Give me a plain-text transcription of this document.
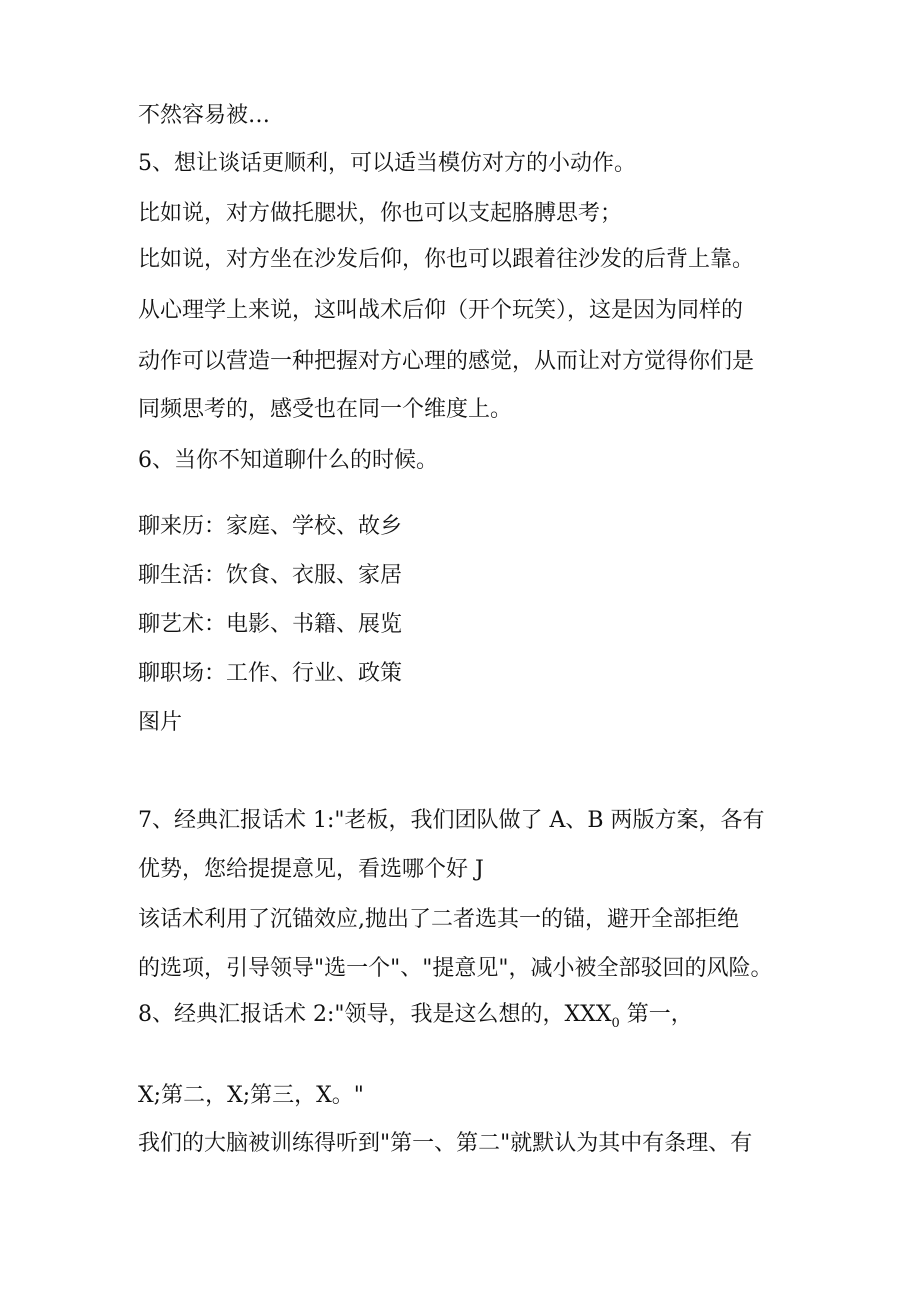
不然容易被…

5、想让谈话更顺利，可以适当模仿对方的小动作。

比如说，对方做托腮状，你也可以支起胳膊思考；

比如说，对方坐在沙发后仰，你也可以跟着往沙发的后背上靠。

从心理学上来说，这叫战术后仰（开个玩笑），这是因为同样的

动作可以营造一种把握对方心理的感觉，从而让对方觉得你们是

同频思考的，感受也在同一个维度上。

6、当你不知道聊什么的时候。

聊来历：家庭、学校、故乡

聊生活：饮食、衣服、家居

聊艺术：电影、书籍、展览

聊职场：工作、行业、政策

图片

7、经典汇报话术 1:"老板，我们团队做了 A、B 两版方案，各有

优势，您给提提意见，看选哪个好 J

该话术利用了沉锚效应,抛出了二者选其一的锚，避开全部拒绝

的选项，引导领导"选一个"、"提意见"，减小被全部驳回的风险。

8、经典汇报话术 2:"领导，我是这么想的，$XXX_0$ 第一，

X;第二，X;第三，X。"

我们的大脑被训练得听到"第一、第二"就默认为其中有条理、有
